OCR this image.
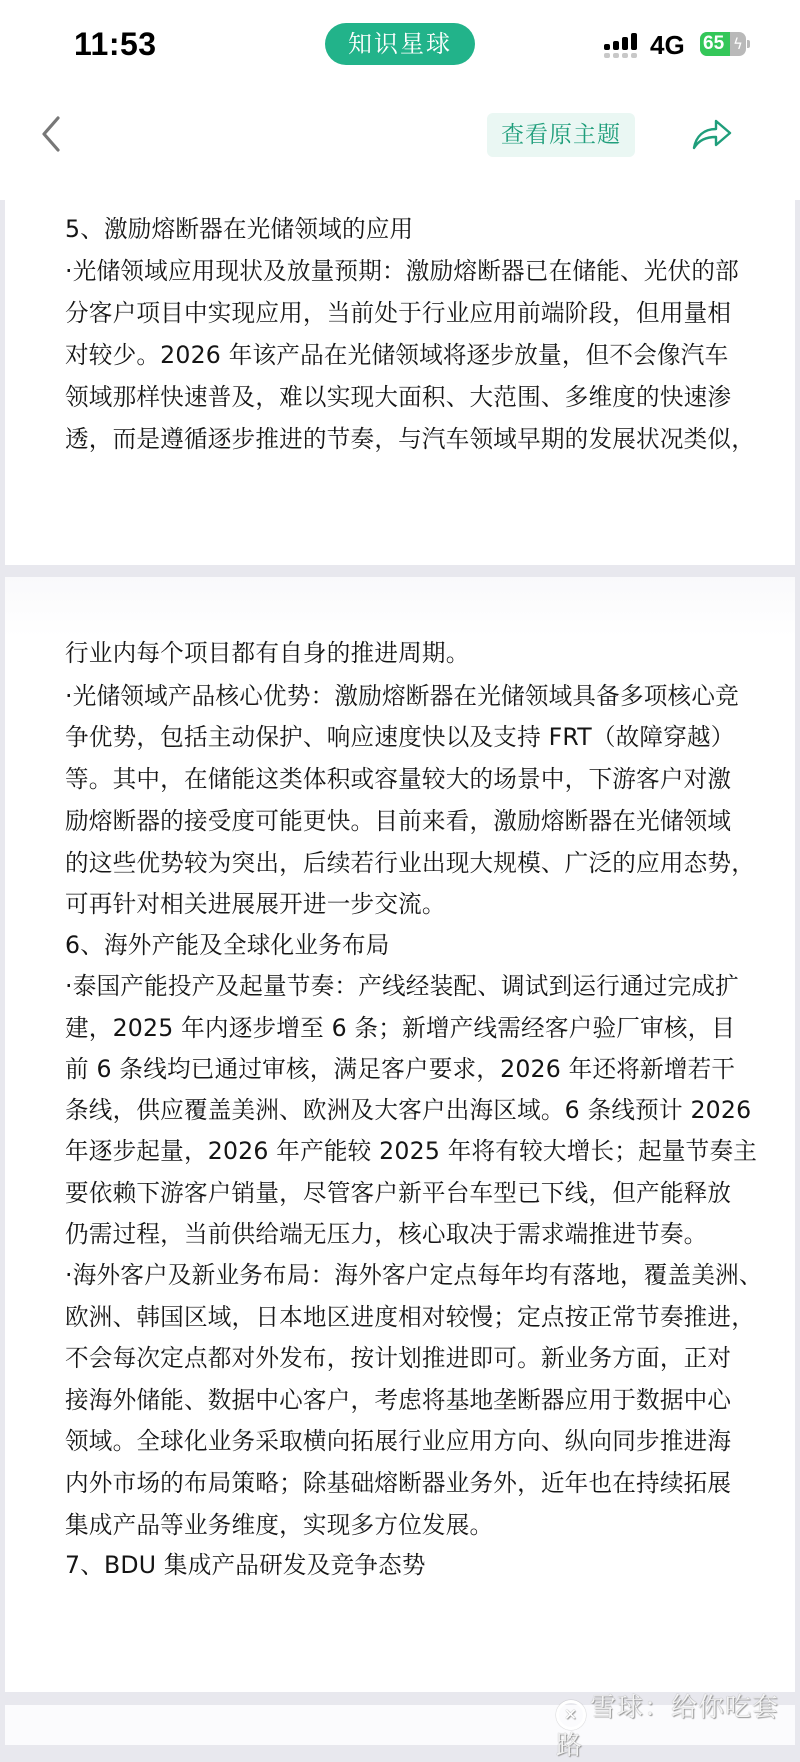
11:53	知识星球	4G 65 ϟ
查看原主题
5、激励熔断器在光储领域的应用
·光储领域应用现状及放量预期：激励熔断器已在储能、光伏的部
分客户项目中实现应用，当前处于行业应用前端阶段，但用量相
对较少。2026 年该产品在光储领域将逐步放量，但不会像汽车
领域那样快速普及，难以实现大面积、大范围、多维度的快速渗
透，而是遵循逐步推进的节奏，与汽车领域早期的发展状况类似，
行业内每个项目都有自身的推进周期。
·光储领域产品核心优势：激励熔断器在光储领域具备多项核心竞
争优势，包括主动保护、响应速度快以及支持 FRT（故障穿越）
等。其中，在储能这类体积或容量较大的场景中，下游客户对激
励熔断器的接受度可能更快。目前来看，激励熔断器在光储领域
的这些优势较为突出，后续若行业出现大规模、广泛的应用态势，
可再针对相关进展展开进一步交流。
6、海外产能及全球化业务布局
·泰国产能投产及起量节奏：产线经装配、调试到运行通过完成扩
建，2025 年内逐步增至 6 条；新增产线需经客户验厂审核，目
前 6 条线均已通过审核，满足客户要求，2026 年还将新增若干
条线，供应覆盖美洲、欧洲及大客户出海区域。6 条线预计 2026
年逐步起量，2026 年产能较 2025 年将有较大增长；起量节奏主
要依赖下游客户销量，尽管客户新平台车型已下线，但产能释放
仍需过程，当前供给端无压力，核心取决于需求端推进节奏。
·海外客户及新业务布局：海外客户定点每年均有落地，覆盖美洲、
欧洲、韩国区域，日本地区进度相对较慢；定点按正常节奏推进，
不会每次定点都对外发布，按计划推进即可。新业务方面，正对
接海外储能、数据中心客户，考虑将基地垄断器应用于数据中心
领域。全球化业务采取横向拓展行业应用方向、纵向同步推进海
内外市场的布局策略；除基础熔断器业务外，近年也在持续拓展
集成产品等业务维度，实现多方位发展。
7、BDU 集成产品研发及竞争态势
✕ 雪球：给你吃套路
